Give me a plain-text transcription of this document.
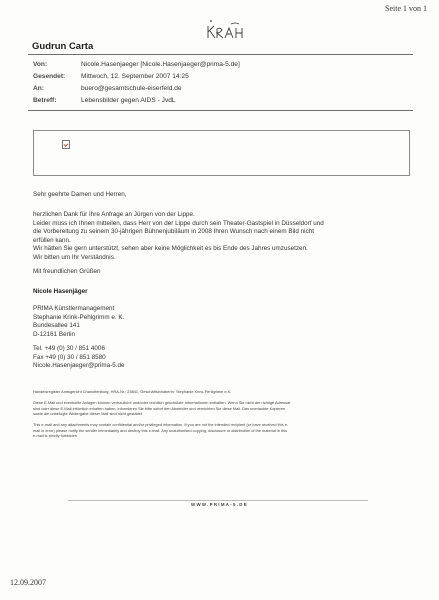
Seite 1 von 1
Gudrun Carta
Von:	Nicole.Hasenjaeger [Nicole.Hasenjaeger@prima-5.de]
Gesendet: Mittwoch, 12. September 2007 14:25
An:	buero@gesamtschule-eiserfeld.de
Betreff:	Lebensbilder gegen AIDS - JvdL
Sehr geehrte Damen und Herren,
herzlichen Dank für Ihre Anfrage an Jürgen von der Lippe.
Leider muss ich Ihnen mitteilen, dass Herr von der Lippe durch sein Theater-Gastspiel in Düsseldorf und
die Vorbereitung zu seinem 30-jährigen Bühnenjubiläum in 2008 Ihren Wunsch nach einem Bild nicht
erfüllen kann.
Wir hätten Sie gern unterstützt, sehen aber keine Möglichkeit es bis Ende des Jahres umzusetzen.
Wir bitten um Ihr Verständnis.
Mit freundlichen Grüßen
Nicole Hasenjäger
PRIMA Künstlermanagement
Stephanie Krink-Pehlgrimm e. K.
Bundesallee 141
D-12161 Berlin
Tel. +49 (0) 30 / 851 4006
Fax +49 (0) 30 / 851 8580
Nicole.Hasenjaeger@prima-5.de
Handelsregister Amtsgericht Charlottenburg, HRA-Nr.: 25841, Geschäftsinhaberin: Stephanie Krink-Pehlgrimm e.K.
Diese E-Mail und eventuelle Anlagen können vertrauliche und/oder rechtlich geschützte Informationen enthalten. Wenn Sie nicht der richtige Adressat
sind oder diese E-Mail irrtümlich erhalten haben, informieren Sie bitte sofort den Absender und vernichten Sie diese Mail. Das unerlaubte Kopieren
sowie die unbefugte Weitergabe dieser Mail sind nicht gestattet.
This e-mail and any attachments may contain confidential and/or privileged information. If you are not the intended recipient (or have received this e-
mail in error) please notify the sender immediately and destroy this e-mail. Any unauthorised copying, disclosure or distribution of the material in this
e-mail is strictly forbidden.
WWW.PRIMA-5.DE
12.09.2007
